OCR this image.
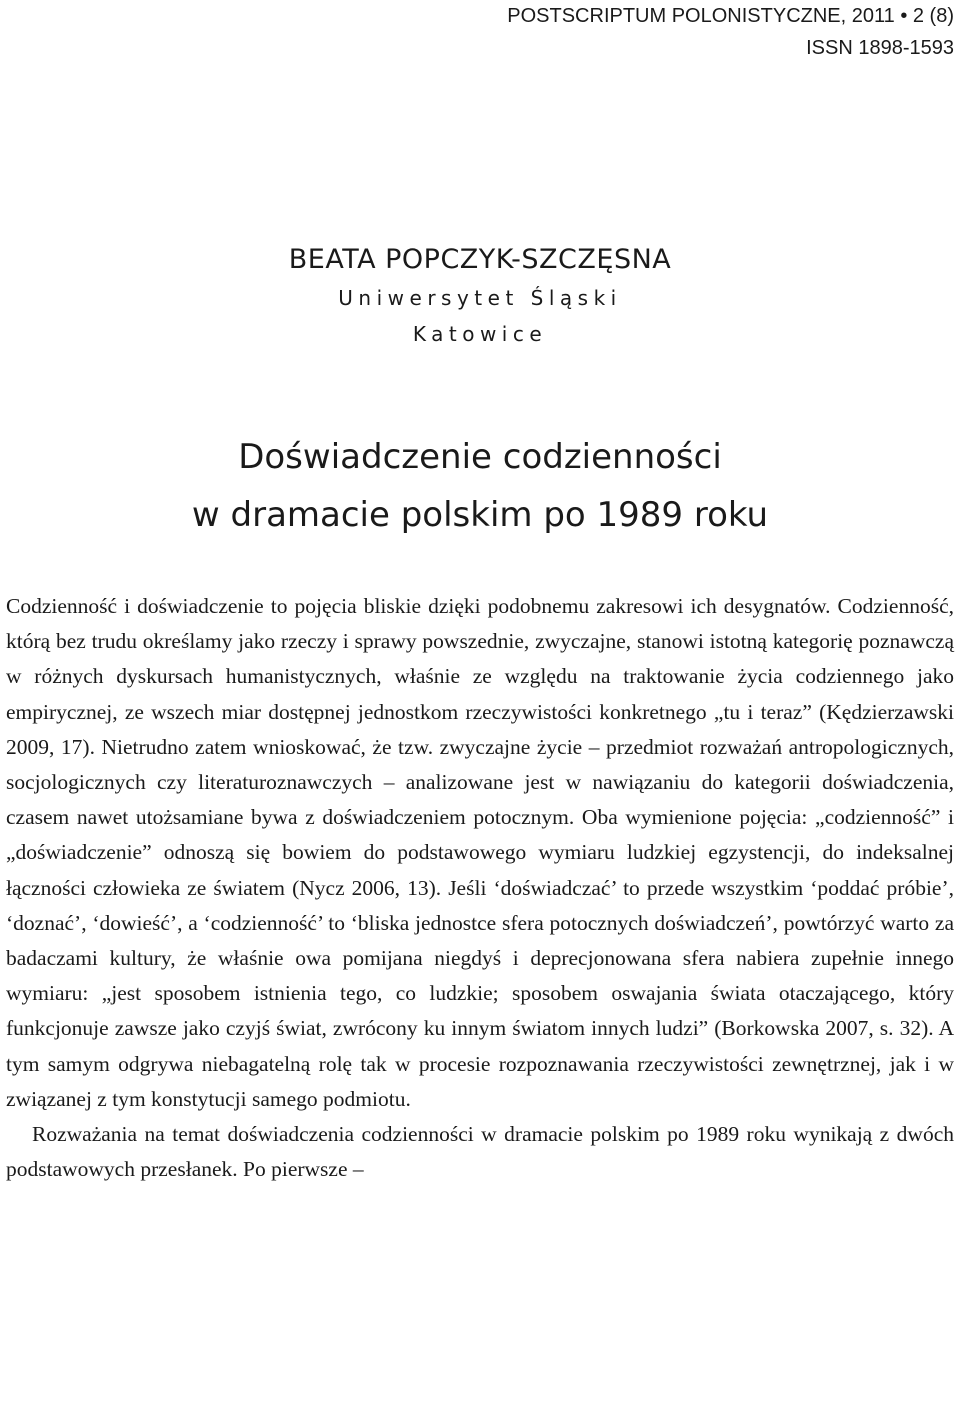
POSTSCRIPTUM POLONISTYCZNE, 2011 • 2 (8)
ISSN 1898-1593
BEATA POPCZYK-SZCZĘSNA
Uniwersytet Śląski
Katowice
Doświadczenie codzienności
w dramacie polskim po 1989 roku

Codzienność i doświadczenie to pojęcia bliskie dzięki podobnemu zakresowi ich desygnatów. Codzienność, którą bez trudu określamy jako rzeczy i sprawy powszednie, zwyczajne, stanowi istotną kategorię poznawczą w różnych dyskursach humanistycznych, właśnie ze względu na traktowanie życia codziennego jako empirycznej, ze wszech miar dostępnej jednostkom rzeczywistości konkretnego „tu i teraz” (Kędzierzawski 2009, 17). Nietrudno zatem wnioskować, że tzw. zwyczajne życie – przedmiot rozważań antropologicznych, socjologicznych czy literaturoznawczych – analizowane jest w nawiązaniu do kategorii doświadczenia, czasem nawet utożsamiane bywa z doświadczeniem potocznym. Oba wymienione pojęcia: „codzienność” i „doświadczenie” odnoszą się bowiem do podstawowego wymiaru ludzkiej egzystencji, do indeksalnej łączności człowieka ze światem (Nycz 2006, 13). Jeśli ‘doświadczać’ to przede wszystkim ‘poddać próbie’, ‘doznać’, ‘dowieść’, a ‘codzienność’ to ‘bliska jednostce sfera potocznych doświadczeń’, powtórzyć warto za badaczami kultury, że właśnie owa pomijana niegdyś i deprecjonowana sfera nabiera zupełnie innego wymiaru: „jest sposobem istnienia tego, co ludzkie; sposobem oswajania świata otaczającego, który funkcjonuje zawsze jako czyjś świat, zwrócony ku innym światom innych ludzi” (Borkowska 2007, s. 32). A tym samym odgrywa niebagatelną rolę tak w procesie rozpoznawania rzeczywistości zewnętrznej, jak i w związanej z tym konstytucji samego podmiotu.

Rozważania na temat doświadczenia codzienności w dramacie polskim po 1989 roku wynikają z dwóch podstawowych przesłanek. Po pierwsze –
